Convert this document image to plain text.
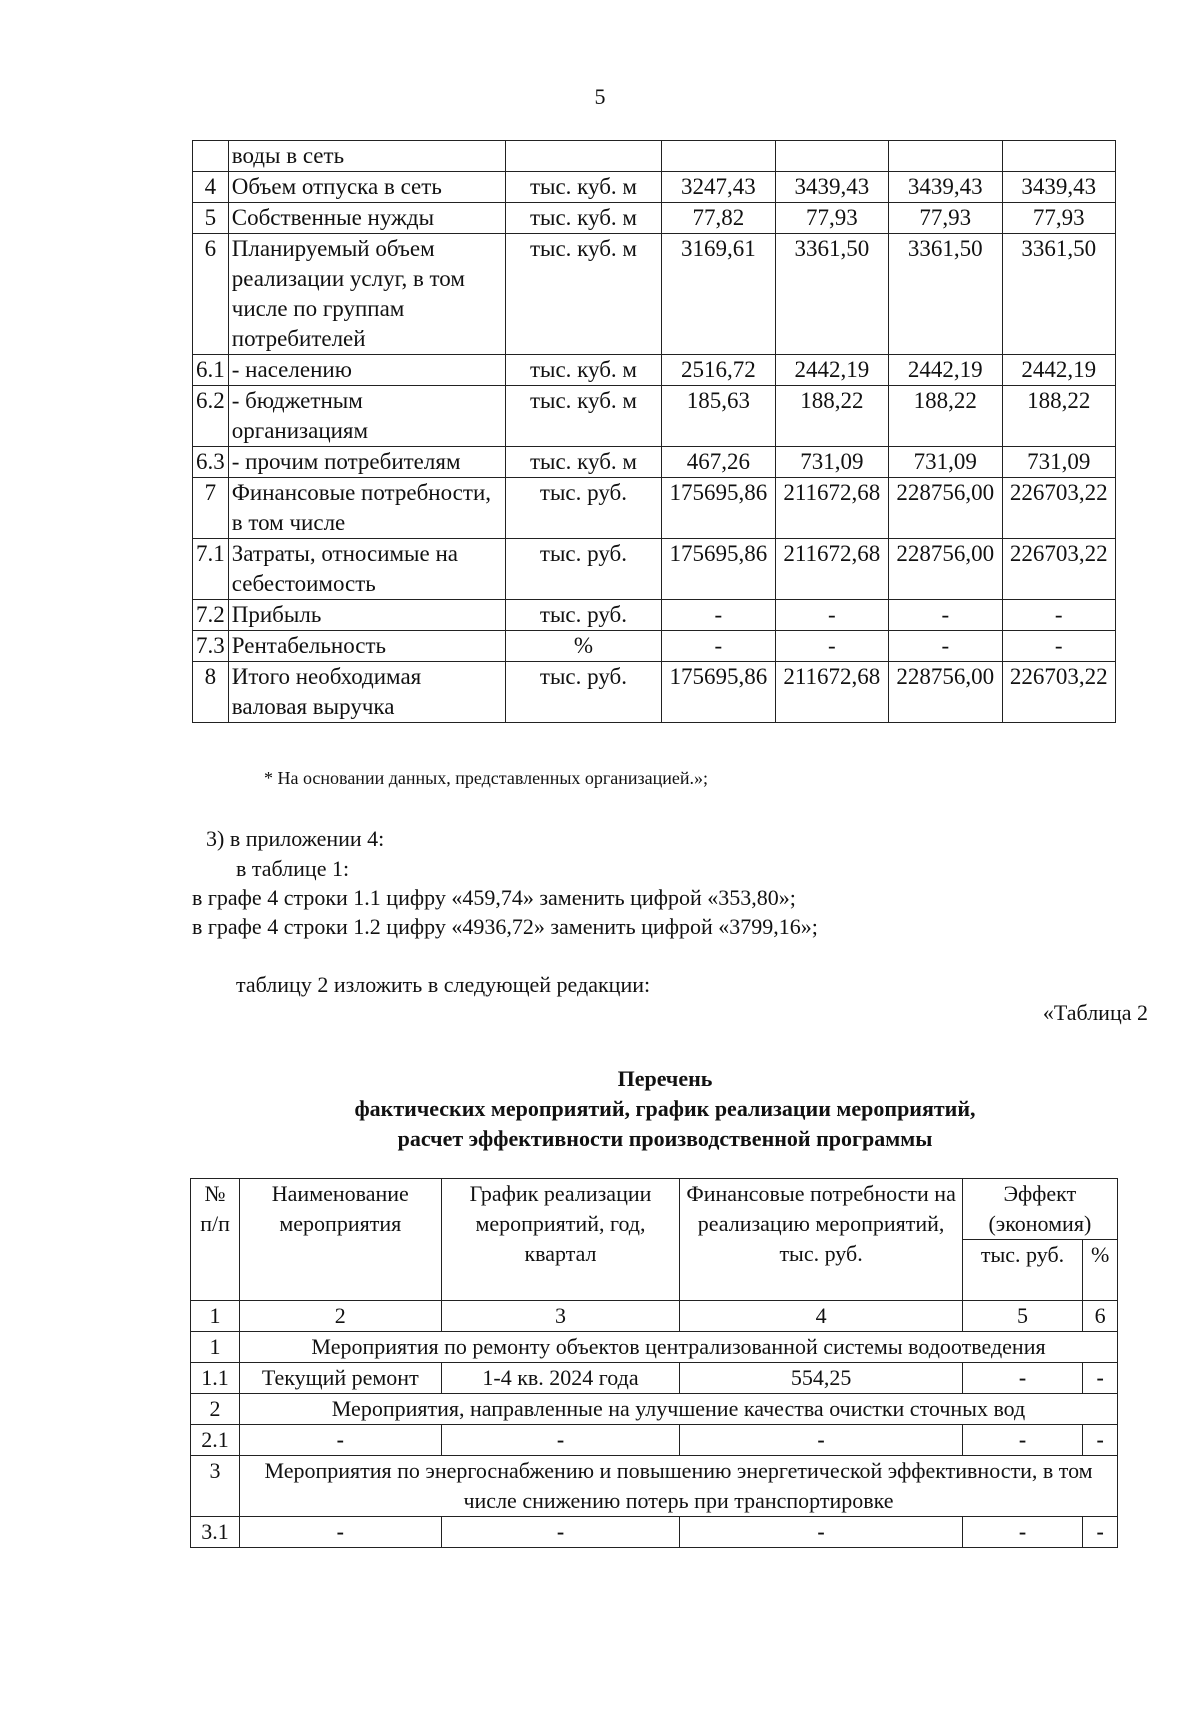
5
	воды в сеть					
4	Объем отпуска в сеть	тыс. куб. м	3247,43	3439,43	3439,43	3439,43
5	Собственные нужды	тыс. куб. м	77,82	77,93	77,93	77,93
6	Планируемый объем реализации услуг, в том числе по группам потребителей	тыс. куб. м	3169,61	3361,50	3361,50	3361,50
6.1	- населению	тыс. куб. м	2516,72	2442,19	2442,19	2442,19
6.2	- бюджетным организациям	тыс. куб. м	185,63	188,22	188,22	188,22
6.3	- прочим потребителям	тыс. куб. м	467,26	731,09	731,09	731,09
7	Финансовые потребности, в том числе	тыс. руб.	175695,86	211672,68	228756,00	226703,22
7.1	Затраты, относимые на себестоимость	тыс. руб.	175695,86	211672,68	228756,00	226703,22
7.2	Прибыль	тыс. руб.	-	-	-	-
7.3	Рентабельность	%	-	-	-	-
8	Итого необходимая валовая выручка	тыс. руб.	175695,86	211672,68	228756,00	226703,22
* На основании данных, представленных организацией.»;
3) в приложении 4:
в таблице 1:
в графе 4 строки 1.1 цифру «459,74» заменить цифрой «353,80»;
в графе 4 строки 1.2 цифру «4936,72» заменить цифрой «3799,16»;
таблицу 2 изложить в следующей редакции:
«Таблица 2
Перечень
фактических мероприятий, график реализации мероприятий,
расчет эффективности производственной программы
№ п/п	Наименование мероприятия	График реализации мероприятий, год, квартал	Финансовые потребности на реализацию мероприятий, тыс. руб.	Эффект (экономия)	
				тыс. руб.	%
1	2	3	4	5	6
1	Мероприятия по ремонту объектов централизованной системы водоотведения				
1.1	Текущий ремонт	1-4 кв. 2024 года	554,25	-	-
2	Мероприятия, направленные на улучшение качества очистки сточных вод				
2.1	-	-	-	-	-
3	Мероприятия по энергоснабжению и повышению энергетической эффективности, в том числе снижению потерь при транспортировке				
3.1	-	-	-	-	-
